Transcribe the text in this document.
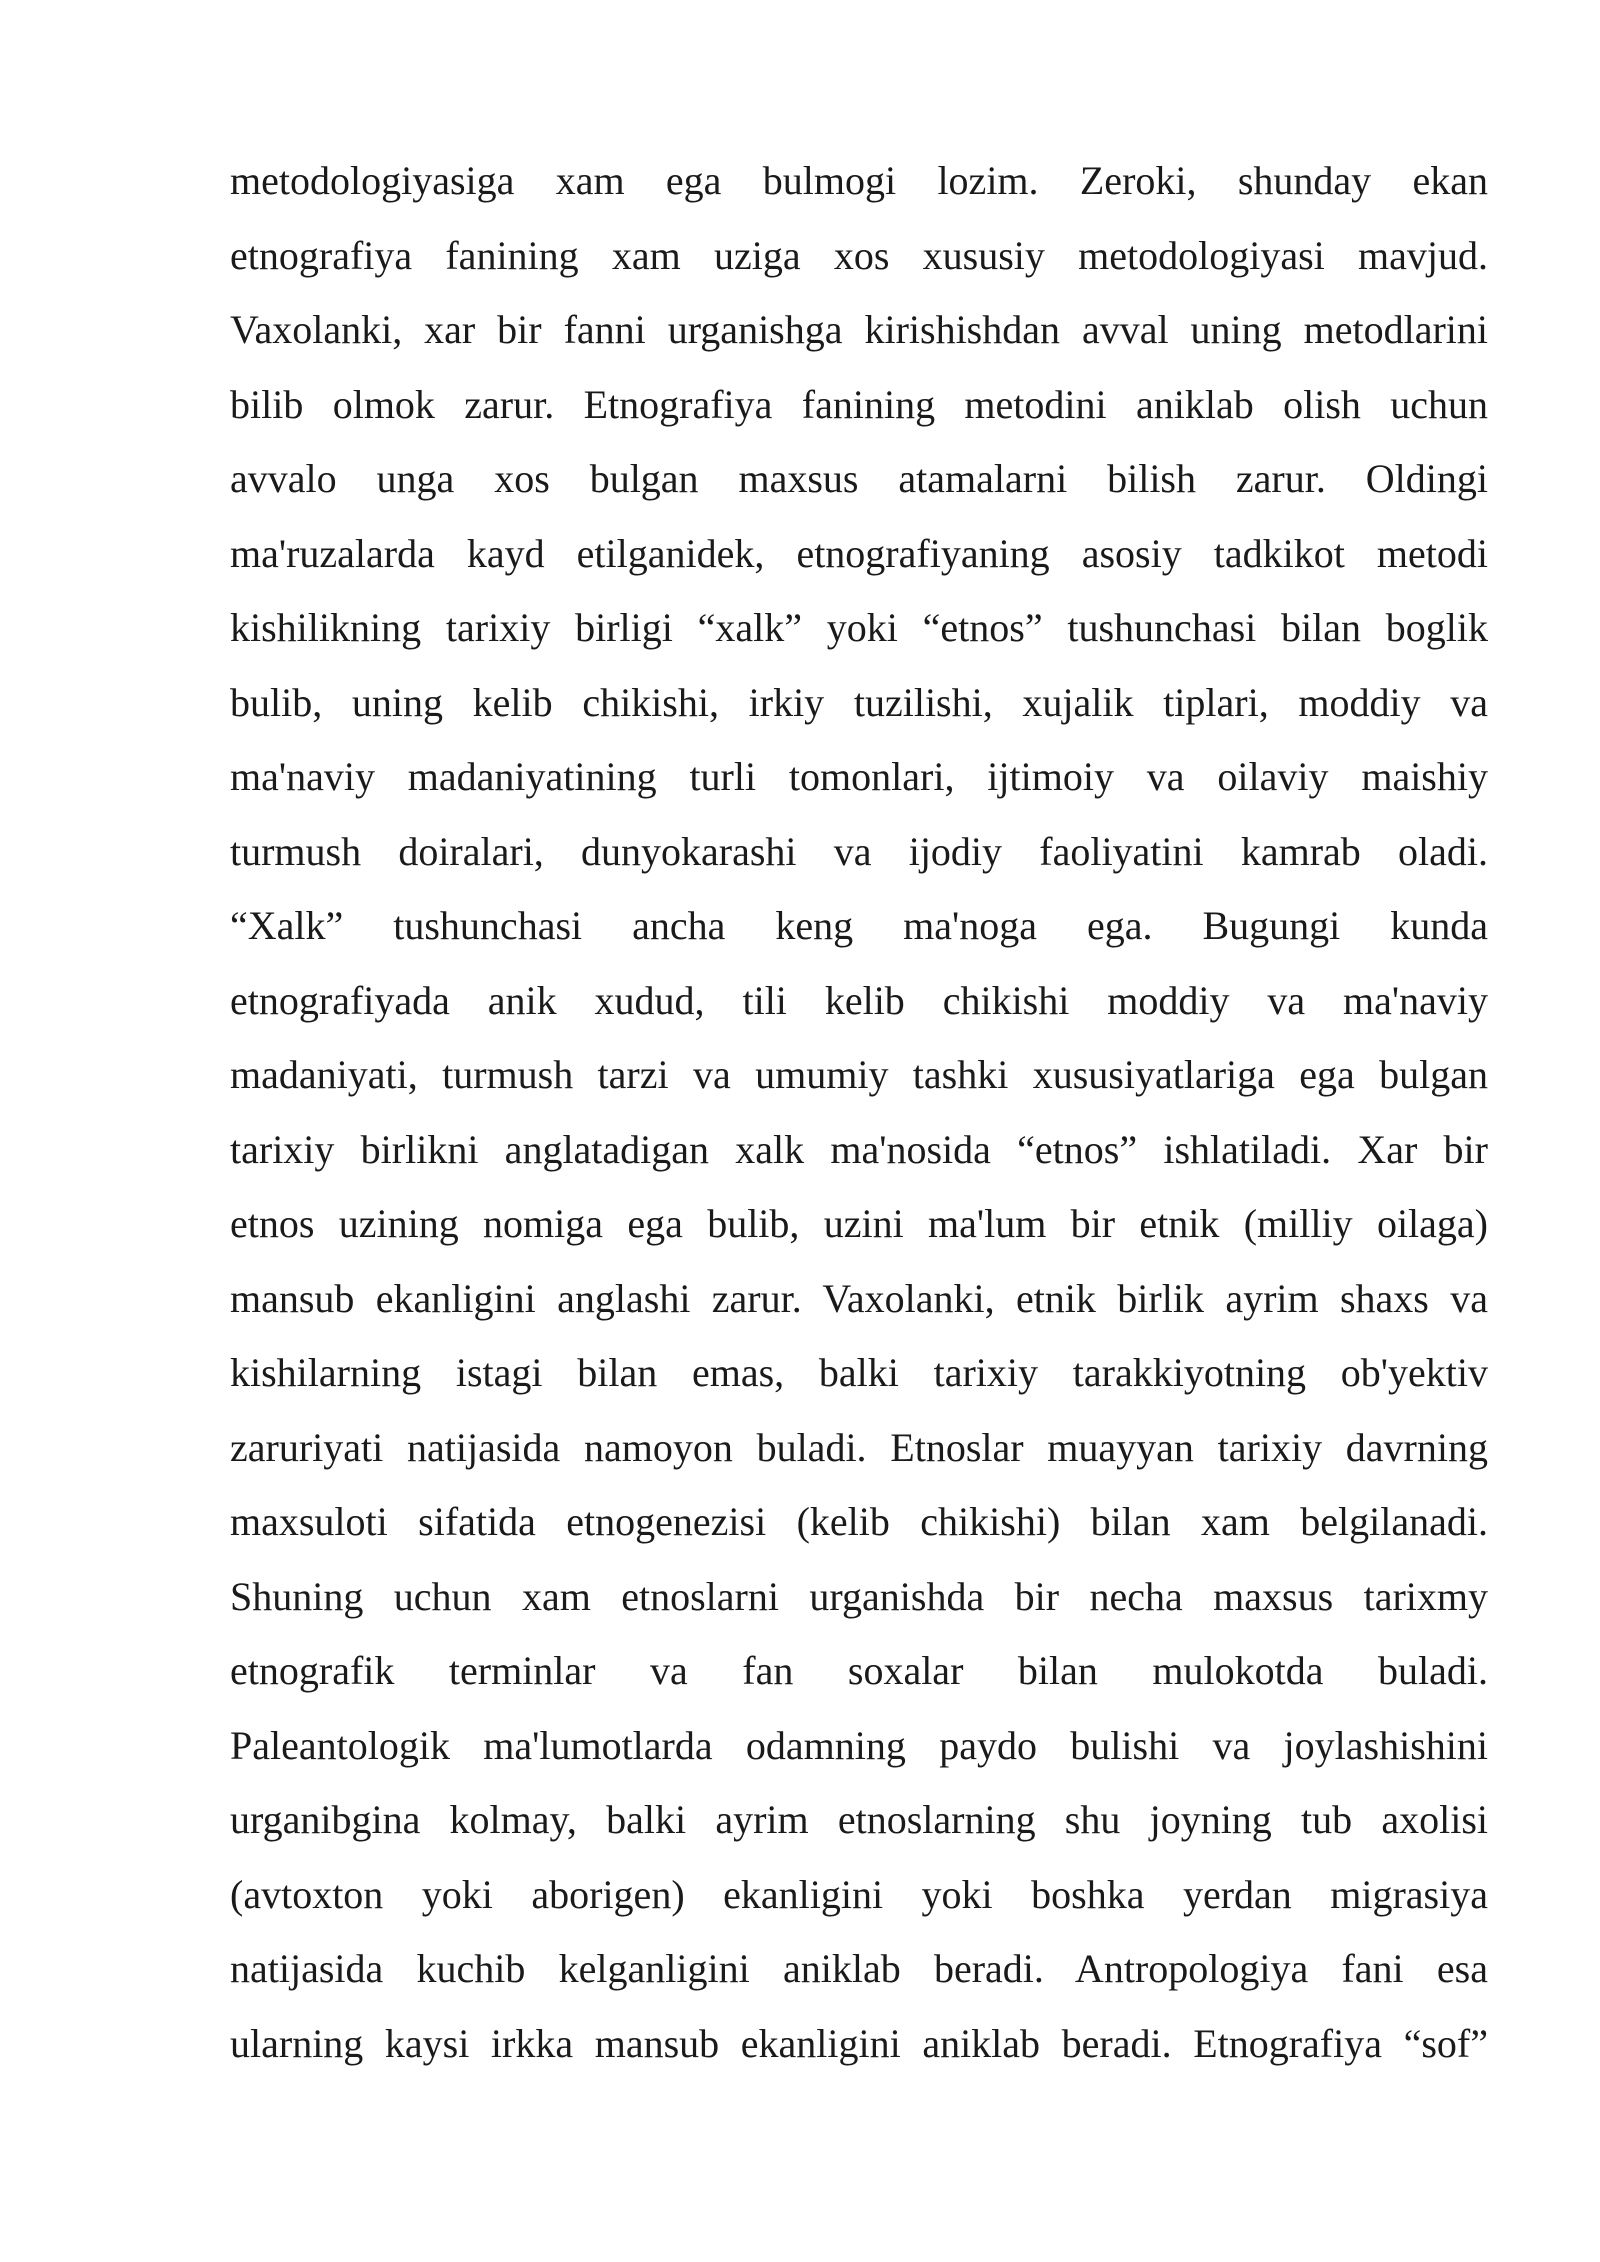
metodologiyasiga xam ega bulmogi lozim. Zeroki, shunday ekan
etnografiya fanining xam uziga xos xususiy metodologiyasi mavjud.
Vaxolanki, xar bir fanni urganishga kirishishdan avval uning metodlarini
bilib olmok zarur. Etnografiya fanining metodini aniklab olish uchun
avvalo unga xos bulgan maxsus atamalarni bilish zarur. Oldingi
ma'ruzalarda kayd etilganidek, etnografiyaning asosiy tadkikot metodi
kishilikning tarixiy birligi “xalk” yoki “etnos” tushunchasi bilan boglik
bulib, uning kelib chikishi, irkiy tuzilishi, xujalik tiplari, moddiy va
ma'naviy madaniyatining turli tomonlari, ijtimoiy va oilaviy maishiy
turmush doiralari, dunyokarashi va ijodiy faoliyatini kamrab oladi.
“Xalk” tushunchasi ancha keng ma'noga ega. Bugungi kunda
etnografiyada anik xudud, tili kelib chikishi moddiy va ma'naviy
madaniyati, turmush tarzi va umumiy tashki xususiyatlariga ega bulgan
tarixiy birlikni anglatadigan xalk ma'nosida “etnos” ishlatiladi. Xar bir
etnos uzining nomiga ega bulib, uzini ma'lum bir etnik (milliy oilaga)
mansub ekanligini anglashi zarur. Vaxolanki, etnik birlik ayrim shaxs va
kishilarning istagi bilan emas, balki tarixiy tarakkiyotning ob'yektiv
zaruriyati natijasida namoyon buladi. Etnoslar muayyan tarixiy davrning
maxsuloti sifatida etnogenezisi (kelib chikishi) bilan xam belgilanadi.
Shuning uchun xam etnoslarni urganishda bir necha maxsus tarixmy
etnografik terminlar va fan soxalar bilan mulokotda buladi.
Paleantologik ma'lumotlarda odamning paydo bulishi va joylashishini
urganibgina kolmay, balki ayrim etnoslarning shu joyning tub axolisi
(avtoxton yoki aborigen) ekanligini yoki boshka yerdan migrasiya
natijasida kuchib kelganligini aniklab beradi. Antropologiya fani esa
ularning kaysi irkka mansub ekanligini aniklab beradi. Etnografiya “sof”
